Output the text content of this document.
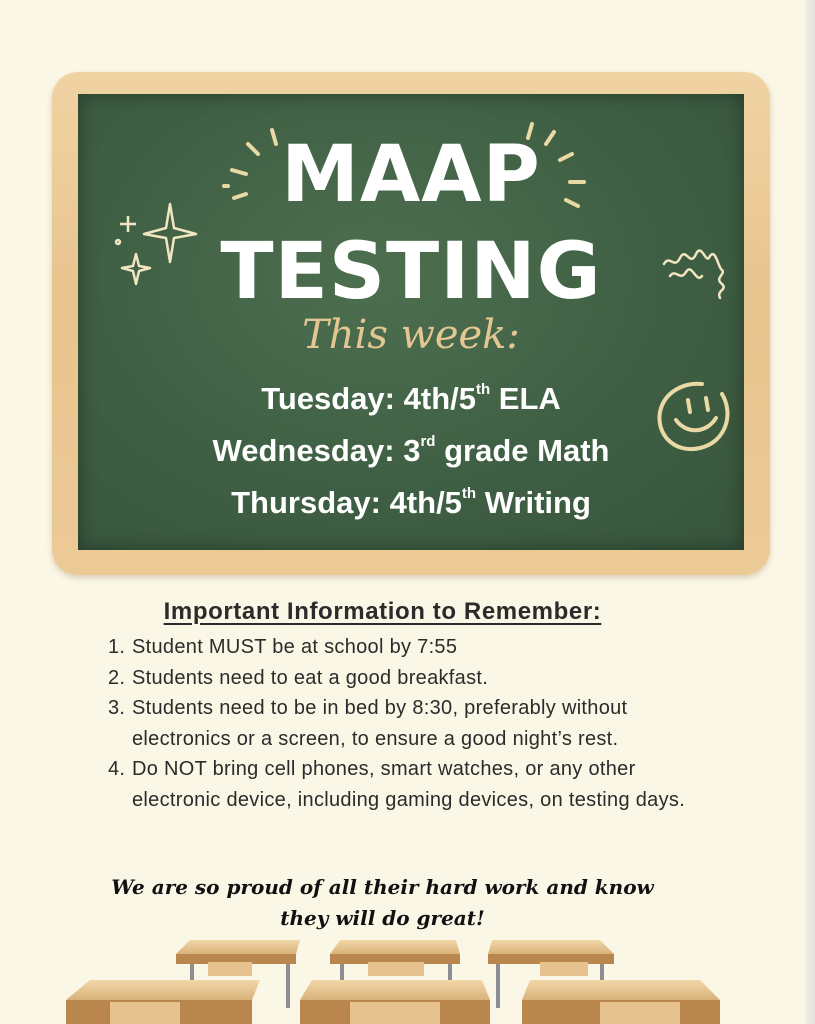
MAAP
TESTING
This week:
Tuesday: 4th/5th ELA
Wednesday: 3rd grade Math
Thursday: 4th/5th Writing
Important Information to Remember:
1. Student MUST be at school by 7:55
2. Students need to eat a good breakfast.
3. Students need to be in bed by 8:30, preferably without electronics or a screen, to ensure a good night’s rest.
4. Do NOT bring cell phones, smart watches, or any other electronic device, including gaming devices, on testing days.
We are so proud of all their hard work and know
they will do great!
